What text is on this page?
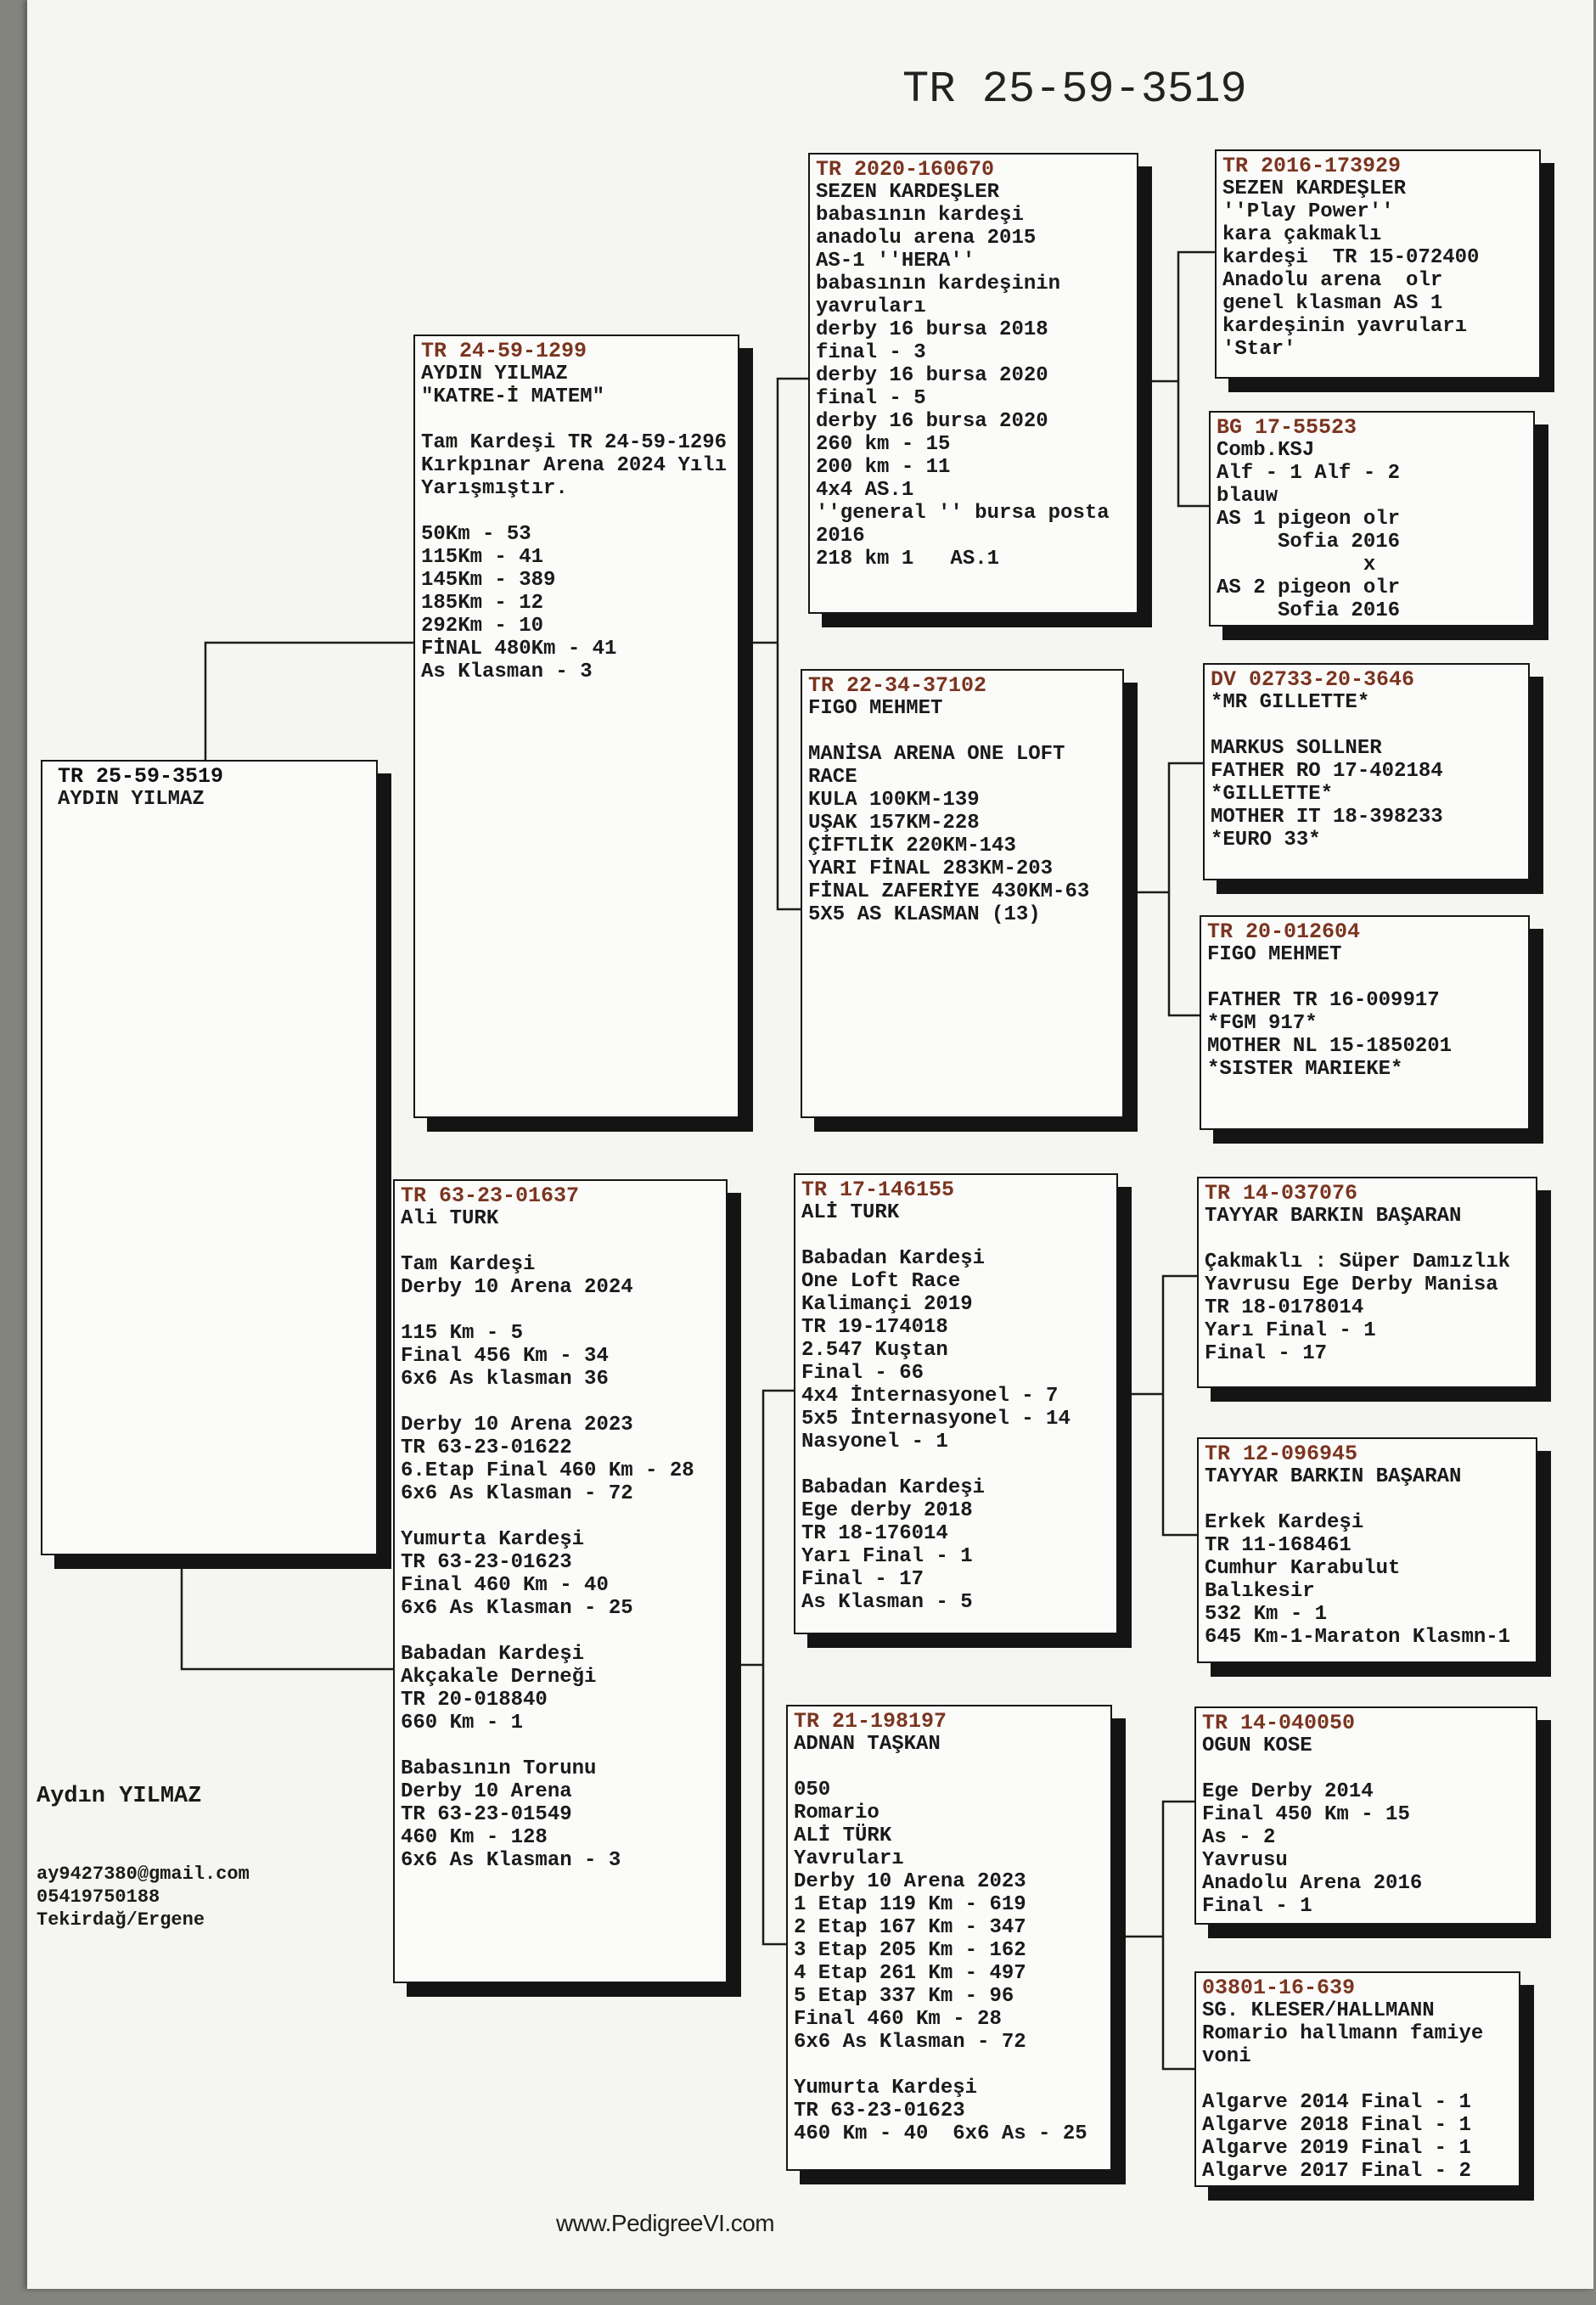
TR 25-59-3519
TR 25-59-3519
AYDIN YILMAZ
TR 24-59-1299
AYDIN YILMAZ
"KATRE-İ MATEM"
Tam Kardeşi TR 24-59-1296
Kırkpınar Arena 2024 Yılı
Yarışmıştır.
50Km - 53
115Km - 41
145Km - 389
185Km - 12
292Km - 10
FİNAL 480Km - 41
As Klasman - 3
TR 63-23-01637
Ali TURK
Tam Kardeşi
Derby 10 Arena 2024
115 Km - 5
Final 456 Km - 34
6x6 As klasman 36
Derby 10 Arena 2023
TR 63-23-01622
6.Etap Final 460 Km - 28
6x6 As Klasman - 72
Yumurta Kardeşi
TR 63-23-01623
Final 460 Km - 40
6x6 As Klasman - 25
Babadan Kardeşi
Akçakale Derneği
TR 20-018840
660 Km - 1
Babasının Torunu
Derby 10 Arena
TR 63-23-01549
460 Km - 128
6x6 As Klasman - 3
TR 2020-160670
SEZEN KARDEŞLER
babasının kardeşi
anadolu arena 2015
AS-1 ''HERA''
babasının kardeşinin
yavruları
derby 16 bursa 2018
final - 3
derby 16 bursa 2020
final - 5
derby 16 bursa 2020
260 km - 15
200 km - 11
4x4 AS.1
''general '' bursa posta
2016
218 km 1   AS.1
TR 22-34-37102
FIGO MEHMET
MANİSA ARENA ONE LOFT
RACE
KULA 100KM-139
UŞAK 157KM-228
ÇİFTLİK 220KM-143
YARI FİNAL 283KM-203
FİNAL ZAFERİYE 430KM-63
5X5 AS KLASMAN (13)
TR 17-146155
ALİ TURK
Babadan Kardeşi
One Loft Race
Kalimançi 2019
TR 19-174018
2.547 Kuştan
Final - 66
4x4 İnternasyonel - 7
5x5 İnternasyonel - 14
Nasyonel - 1
Babadan Kardeşi
Ege derby 2018
TR 18-176014
Yarı Final - 1
Final - 17
As Klasman - 5
TR 21-198197
ADNAN TAŞKAN
050
Romario
ALİ TÜRK
Yavruları
Derby 10 Arena 2023
1 Etap 119 Km - 619
2 Etap 167 Km - 347
3 Etap 205 Km - 162
4 Etap 261 Km - 497
5 Etap 337 Km - 96
Final 460 Km - 28
6x6 As Klasman - 72
Yumurta Kardeşi
TR 63-23-01623
460 Km - 40  6x6 As - 25
TR 2016-173929
SEZEN KARDEŞLER
''Play Power''
kara çakmaklı
kardeşi  TR 15-072400
Anadolu arena  olr
genel klasman AS 1
kardeşinin yavruları
'Star'
BG 17-55523
Comb.KSJ
Alf - 1 Alf - 2
blauw
AS 1 pigeon olr
Sofia 2016
x
AS 2 pigeon olr
Sofia 2016
DV 02733-20-3646
*MR GILLETTE*
MARKUS SOLLNER
FATHER RO 17-402184
*GILLETTE*
MOTHER IT 18-398233
*EURO 33*
TR 20-012604
FIGO MEHMET
FATHER TR 16-009917
*FGM 917*
MOTHER NL 15-1850201
*SISTER MARIEKE*
TR 14-037076
TAYYAR BARKIN BAŞARAN
Çakmaklı : Süper Damızlık
Yavrusu Ege Derby Manisa
TR 18-0178014
Yarı Final - 1
Final - 17
TR 12-096945
TAYYAR BARKIN BAŞARAN
Erkek Kardeşi
TR 11-168461
Cumhur Karabulut
Balıkesir
532 Km - 1
645 Km-1-Maraton Klasmn-1
TR 14-040050
OGUN KOSE
Ege Derby 2014
Final 450 Km - 15
As - 2
Yavrusu
Anadolu Arena 2016
Final - 1
03801-16-639
SG. KLESER/HALLMANN
Romario hallmann famiye
voni
Algarve 2014 Final - 1
Algarve 2018 Final - 1
Algarve 2019 Final - 1
Algarve 2017 Final - 2
Aydın YILMAZ
ay9427380@gmail.com
05419750188
Tekirdağ/Ergene
www.PedigreeVI.com
